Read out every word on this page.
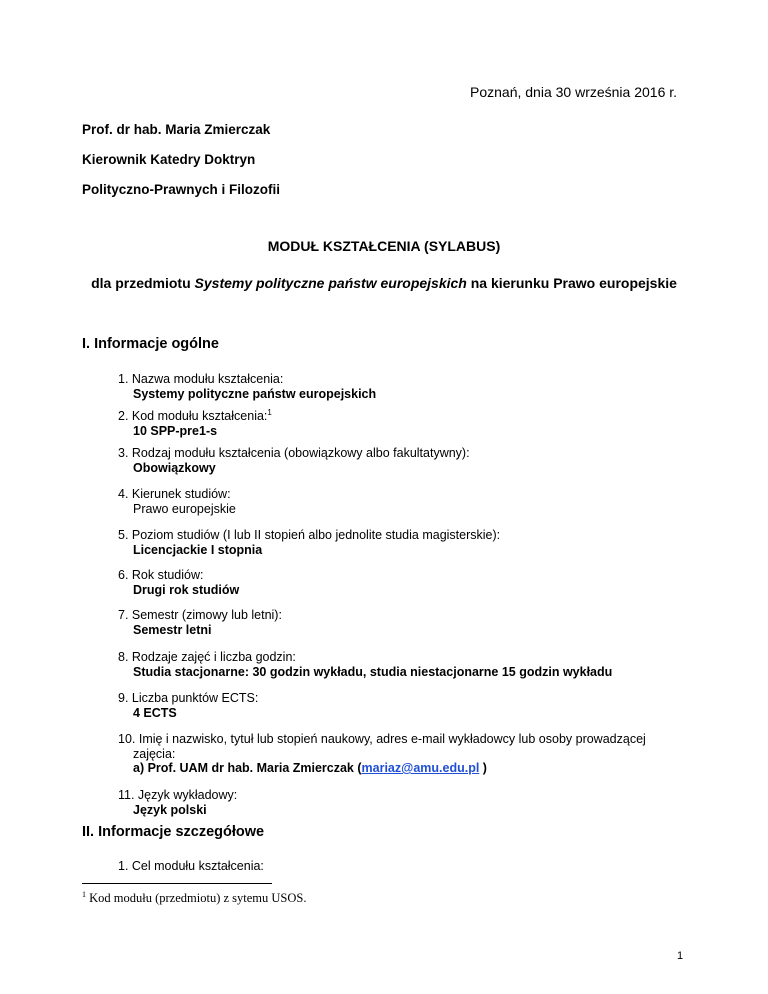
Poznań, dnia 30 września 2016 r.
Prof. dr hab. Maria Zmierczak
Kierownik Katedry Doktryn
Polityczno-Prawnych i Filozofii
MODUŁ KSZTAŁCENIA (SYLABUS)
dla przedmiotu Systemy polityczne państw europejskich na kierunku Prawo europejskie
I. Informacje ogólne
1. Nazwa modułu kształcenia:
Systemy polityczne państw europejskich
2. Kod modułu kształcenia:$^1$
10 SPP-pre1-s
3. Rodzaj modułu kształcenia (obowiązkowy albo fakultatywny):
Obowiązkowy
4. Kierunek studiów:
Prawo europejskie
5. Poziom studiów (I lub II stopień albo jednolite studia magisterskie):
Licencjackie I stopnia
6. Rok studiów:
Drugi rok studiów
7. Semestr (zimowy lub letni):
Semestr letni
8. Rodzaje zajęć i liczba godzin:
Studia stacjonarne: 30 godzin wykładu, studia niestacjonarne 15 godzin wykładu
9. Liczba punktów ECTS:
4 ECTS
10. Imię i nazwisko, tytuł lub stopień naukowy, adres e-mail wykładowcy lub osoby prowadzącej
zajęcia:
a) Prof. UAM dr hab. Maria Zmierczak (mariaz@amu.edu.pl )
11. Język wykładowy:
Język polski
II. Informacje szczegółowe
1. Cel modułu kształcenia:
$^1$ Kod modułu (przedmiotu) z sytemu USOS.
1
